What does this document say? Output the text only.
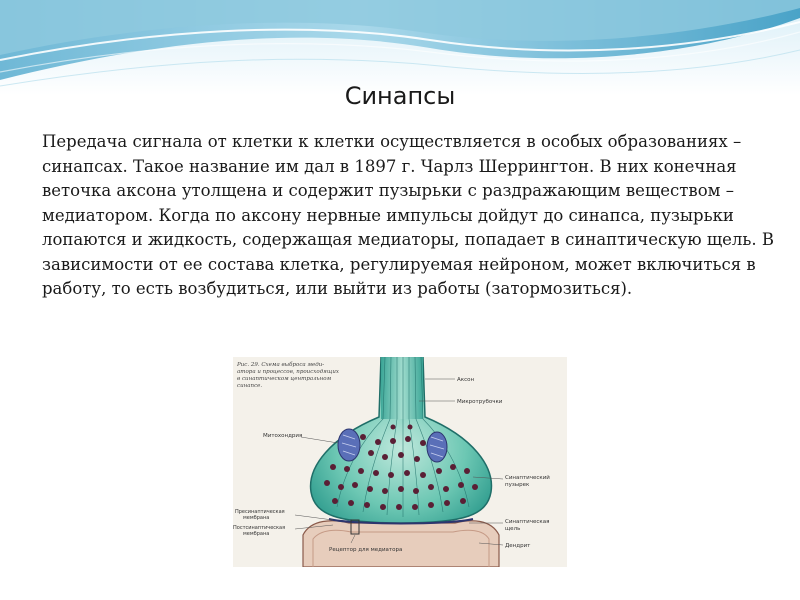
Синапсы

Передача сигнала от клетки к клетки осуществляется в особых образованиях – синапсах. Такое название им дал в 1897 г. Чарлз Шеррингтон. В них конечная веточка аксона утолщена и содержит пузырьки с раздражающим веществом – медиатором. Когда по аксону нервные импульсы дойдут до синапса, пузырьки лопаются и жидкость, содержащая медиаторы, попадает в синаптическую щель. В зависимости от ее состава клетка, регулируемая нейроном, может включиться в работу, то есть возбудиться, или выйти из работы (затормозиться).

Рис. 29. Схема выброса меди-
атора и процессов, происходящих
в синаптическом центральном
синапсе.
Аксон
Микротрубочки
Митохондрия
Синаптический
пузырек
Пресинаптическая
мембрана
Постсинаптическая
мембрана
Синаптическая
щель
Дендрит
Рецептор для медиатора
